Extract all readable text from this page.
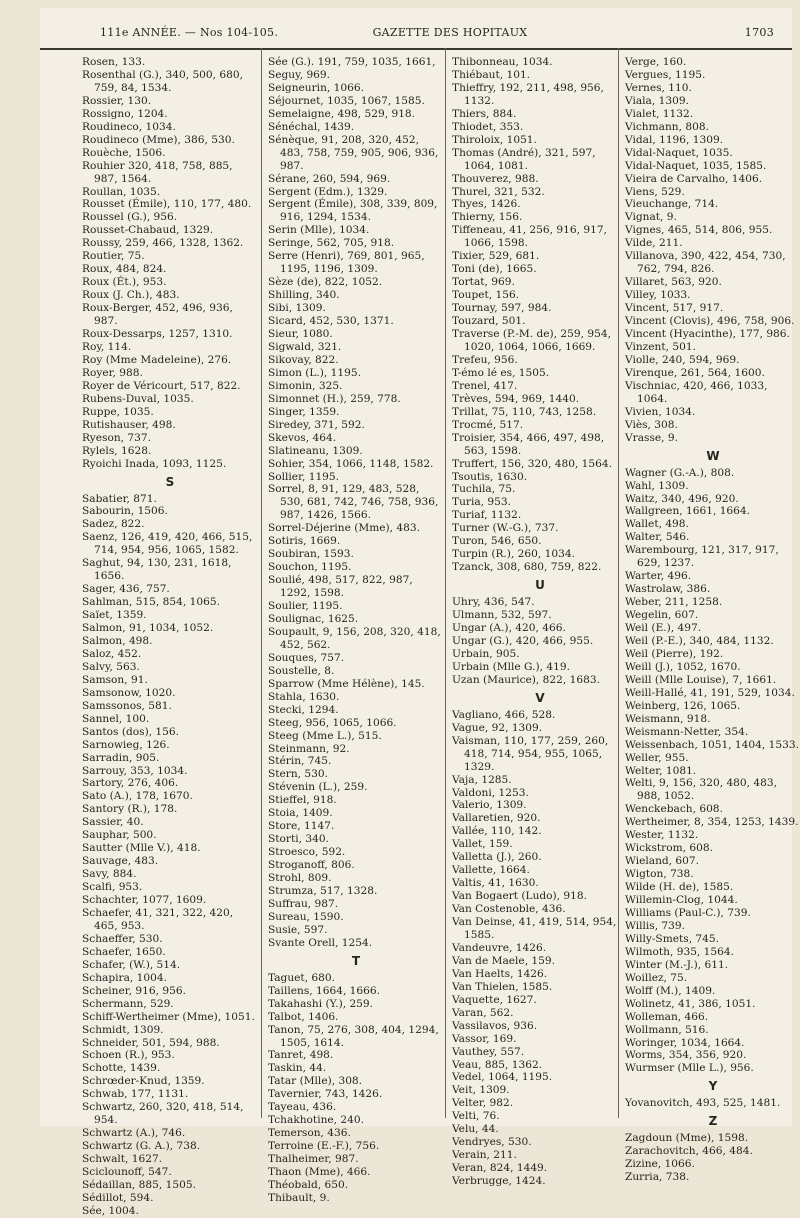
111e ANNÉE. — Nos 104-105.	GAZETTE DES HOPITAUX	1703
Rosen, 133.
Rosenthal (G.), 340, 500, 680, 759, 84, 1534.
Rossier, 130.
Rossigno, 1204.
Roudineco, 1034.
Roudineco (Mme), 386, 530.
Rouèche, 1506.
Rouhier 320, 418, 758, 885, 987, 1564.
Roullan, 1035.
Rousset (Émile), 110, 177, 480.
Roussel (G.), 956.
Rousset-Chabaud, 1329.
Roussy, 259, 466, 1328, 1362.
Routier, 75.
Roux, 484, 824.
Roux (Ét.), 953.
Roux (J. Ch.), 483.
Roux-Berger, 452, 496, 936, 987.
Roux-Dessarps, 1257, 1310.
Roy, 114.
Roy (Mme Madeleine), 276.
Royer, 988.
Royer de Véricourt, 517, 822.
Rubens-Duval, 1035.
Ruppe, 1035.
Rutishauser, 498.
Ryeson, 737.
Rylels, 1628.
Ryoichi Inada, 1093, 1125.
S
Sabatier, 871.
Sabourin, 1506.
Sadez, 822.
Saenz, 126, 419, 420, 466, 515, 714, 954, 956, 1065, 1582.
Saghut, 94, 130, 231, 1618, 1656.
Sager, 436, 757.
Sahlman, 515, 854, 1065.
Saïet, 1359.
Salmon, 91, 1034, 1052.
Salmon, 498.
Saloz, 452.
Salvy, 563.
Samson, 91.
Samsonow, 1020.
Samssonos, 581.
Sannel, 100.
Santos (dos), 156.
Sarnowieg, 126.
Sarradin, 905.
Sarrouy, 353, 1034.
Sartory, 276, 406.
Sato (A.), 178, 1670.
Santory (R.), 178.
Sassier, 40.
Sauphar, 500.
Sautter (Mlle V.), 418.
Sauvage, 483.
Savy, 884.
Scalfi, 953.
Schachter, 1077, 1609.
Schaefer, 41, 321, 322, 420, 465, 953.
Schaeffer, 530.
Schaefer, 1650.
Schafer, (W.), 514.
Schapira, 1004.
Scheiner, 916, 956.
Schermann, 529.
Schiff-Wertheimer (Mme), 1051.
Schmidt, 1309.
Schneider, 501, 594, 988.
Schoen (R.), 953.
Schotte, 1439.
Schrœder-Knud, 1359.
Schwab, 177, 1131.
Schwartz, 260, 320, 418, 514, 954.
Schwartz (A.), 746.
Schwartz (G. A.), 738.
Schwalt, 1627.
Sciclounoff, 547.
Sédaillan, 885, 1505.
Sédillot, 594.
Sée, 1004.
Sée (G.). 191, 759, 1035, 1661,
Seguy, 969.
Seigneurin, 1066.
Séjournet, 1035, 1067, 1585.
Semelaigne, 498, 529, 918.
Sénéchal, 1439.
Sénèque, 91, 208, 320, 452, 483, 758, 759, 905, 906, 936, 987.
Sérane, 260, 594, 969.
Sergent (Edm.), 1329.
Sergent (Émile), 308, 339, 809, 916, 1294, 1534.
Serin (Mlle), 1034.
Seringe, 562, 705, 918.
Serre (Henri), 769, 801, 965, 1195, 1196, 1309.
Sèze (de), 822, 1052.
Shilling, 340.
Sibi, 1309.
Sicard, 452, 530, 1371.
Sieur, 1080.
Sigwald, 321.
Sikovay, 822.
Simon (L.), 1195.
Simonin, 325.
Simonnet (H.), 259, 778.
Singer, 1359.
Siredey, 371, 592.
Skevos, 464.
Slatineanu, 1309.
Sohier, 354, 1066, 1148, 1582.
Sollier, 1195.
Sorrel, 8, 91, 129, 483, 528, 530, 681, 742, 746, 758, 936, 987, 1426, 1566.
Sorrel-Déjerine (Mme), 483.
Sotiris, 1669.
Soubiran, 1593.
Souchon, 1195.
Soulié, 498, 517, 822, 987, 1292, 1598.
Soulier, 1195.
Soulignac, 1625.
Soupault, 9, 156, 208, 320, 418, 452, 562.
Souques, 757.
Soustelle, 8.
Sparrow (Mme Hélène), 145.
Stahla, 1630.
Stecki, 1294.
Steeg, 956, 1065, 1066.
Steeg (Mme L.), 515.
Steinmann, 92.
Stérin, 745.
Stern, 530.
Stévenin (L.), 259.
Stieffel, 918.
Stoia, 1409.
Store, 1147.
Storti, 340.
Stroesco, 592.
Stroganoff, 806.
Strohl, 809.
Strumza, 517, 1328.
Suffrau, 987.
Sureau, 1590.
Susie, 597.
Svante Orell, 1254.
T
Taguet, 680.
Taillens, 1664, 1666.
Takahashi (Y.), 259.
Talbot, 1406.
Tanon, 75, 276, 308, 404, 1294, 1505, 1614.
Tanret, 498.
Taskin, 44.
Tatar (Mlle), 308.
Tavernier, 743, 1426.
Tayeau, 436.
Tchakhotine, 240.
Temerson, 436.
Terroine (E.-F.), 756.
Thalheimer, 987.
Thaon (Mme), 466.
Théobald, 650.
Thibault, 9.
Thibonneau, 1034.
Thiébaut, 101.
Thieffry, 192, 211, 498, 956, 1132.
Thiers, 884.
Thiodet, 353.
Thiroloix, 1051.
Thomas (André), 321, 597, 1064, 1081.
Thouverez, 988.
Thurel, 321, 532.
Thyes, 1426.
Thierny, 156.
Tiffeneau, 41, 256, 916, 917, 1066, 1598.
Tixier, 529, 681.
Toni (de), 1665.
Tortat, 969.
Toupet, 156.
Tournay, 597, 984.
Touzard, 501.
Traverse (P.-M. de), 259, 954, 1020, 1064, 1066, 1669.
Trefeu, 956.
T-émo lé es, 1505.
Trenel, 417.
Trèves, 594, 969, 1440.
Trillat, 75, 110, 743, 1258.
Trocmé, 517.
Troisier, 354, 466, 497, 498, 563, 1598.
Truffert, 156, 320, 480, 1564.
Tsoutis, 1630.
Tuchila, 75.
Turia, 953.
Turiaf, 1132.
Turner (W.-G.), 737.
Turon, 546, 650.
Turpin (R.), 260, 1034.
Tzanck, 308, 680, 759, 822.
U
Uhry, 436, 547.
Ulmann, 532, 597.
Ungar (A.), 420, 466.
Ungar (G.), 420, 466, 955.
Urbain, 905.
Urbain (Mlle G.), 419.
Uzan (Maurice), 822, 1683.
V
Vagliano, 466, 528.
Vague, 92, 1309.
Vaisman, 110, 177, 259, 260, 418, 714, 954, 955, 1065, 1329.
Vaja, 1285.
Valdoni, 1253.
Valerio, 1309.
Vallaretien, 920.
Vallée, 110, 142.
Vallet, 159.
Valletta (J.), 260.
Vallette, 1664.
Valtis, 41, 1630.
Van Bogaert (Ludo), 918.
Van Costenoble, 436.
Van Deinse, 41, 419, 514, 954, 1585.
Vandeuvre, 1426.
Van de Maele, 159.
Van Haelts, 1426.
Van Thielen, 1585.
Vaquette, 1627.
Varan, 562.
Vassilavos, 936.
Vassor, 169.
Vauthey, 557.
Veau, 885, 1362.
Vedel, 1064, 1195.
Veit, 1309.
Velter, 982.
Velti, 76.
Velu, 44.
Vendryes, 530.
Verain, 211.
Veran, 824, 1449.
Verbrugge, 1424.
Verge, 160.
Vergues, 1195.
Vernes, 110.
Viala, 1309.
Vialet, 1132.
Vichmann, 808.
Vidal, 1196, 1309.
Vidal-Naquet, 1035.
Vidal-Naquet, 1035, 1585.
Vieira de Carvalho, 1406.
Viens, 529.
Vieuchange, 714.
Vignat, 9.
Vignes, 465, 514, 806, 955.
Vilde, 211.
Villanova, 390, 422, 454, 730, 762, 794, 826.
Villaret, 563, 920.
Villey, 1033.
Vincent, 517, 917.
Vincent (Clovis), 496, 758, 906.
Vincent (Hyacinthe), 177, 986.
Vinzent, 501.
Violle, 240, 594, 969.
Virenque, 261, 564, 1600.
Vischniac, 420, 466, 1033, 1064.
Vivien, 1034.
Viès, 308.
Vrasse, 9.
W
Wagner (G.-A.), 808.
Wahl, 1309.
Waitz, 340, 496, 920.
Wallgreen, 1661, 1664.
Wallet, 498.
Walter, 546.
Warembourg, 121, 317, 917, 629, 1237.
Warter, 496.
Wastrolaw, 386.
Weber, 211, 1258.
Wegelin, 607.
Weil (E.), 497.
Weil (P.-E.), 340, 484, 1132.
Weil (Pierre), 192.
Weill (J.), 1052, 1670.
Weill (Mlle Louise), 7, 1661.
Weill-Hallé, 41, 191, 529, 1034.
Weinberg, 126, 1065.
Weismann, 918.
Weismann-Netter, 354.
Weissenbach, 1051, 1404, 1533.
Weller, 955.
Welter, 1081.
Welti, 9, 156, 320, 480, 483, 988, 1052.
Wenckebach, 608.
Wertheimer, 8, 354, 1253, 1439.
Wester, 1132.
Wickstrom, 608.
Wieland, 607.
Wigton, 738.
Wilde (H. de), 1585.
Willemin-Clog, 1044.
Williams (Paul-C.), 739.
Willis, 739.
Willy-Smets, 745.
Wilmoth, 935, 1564.
Winter (M.-J.), 611.
Woillez, 75.
Wolff (M.), 1409.
Wolinetz, 41, 386, 1051.
Wolleman, 466.
Wollmann, 516.
Woringer, 1034, 1664.
Worms, 354, 356, 920.
Wurmser (Mlle L.), 956.
Y
Yovanovitch, 493, 525, 1481.
Z
Zagdoun (Mme), 1598.
Zarachovitch, 466, 484.
Zizine, 1066.
Zurria, 738.
